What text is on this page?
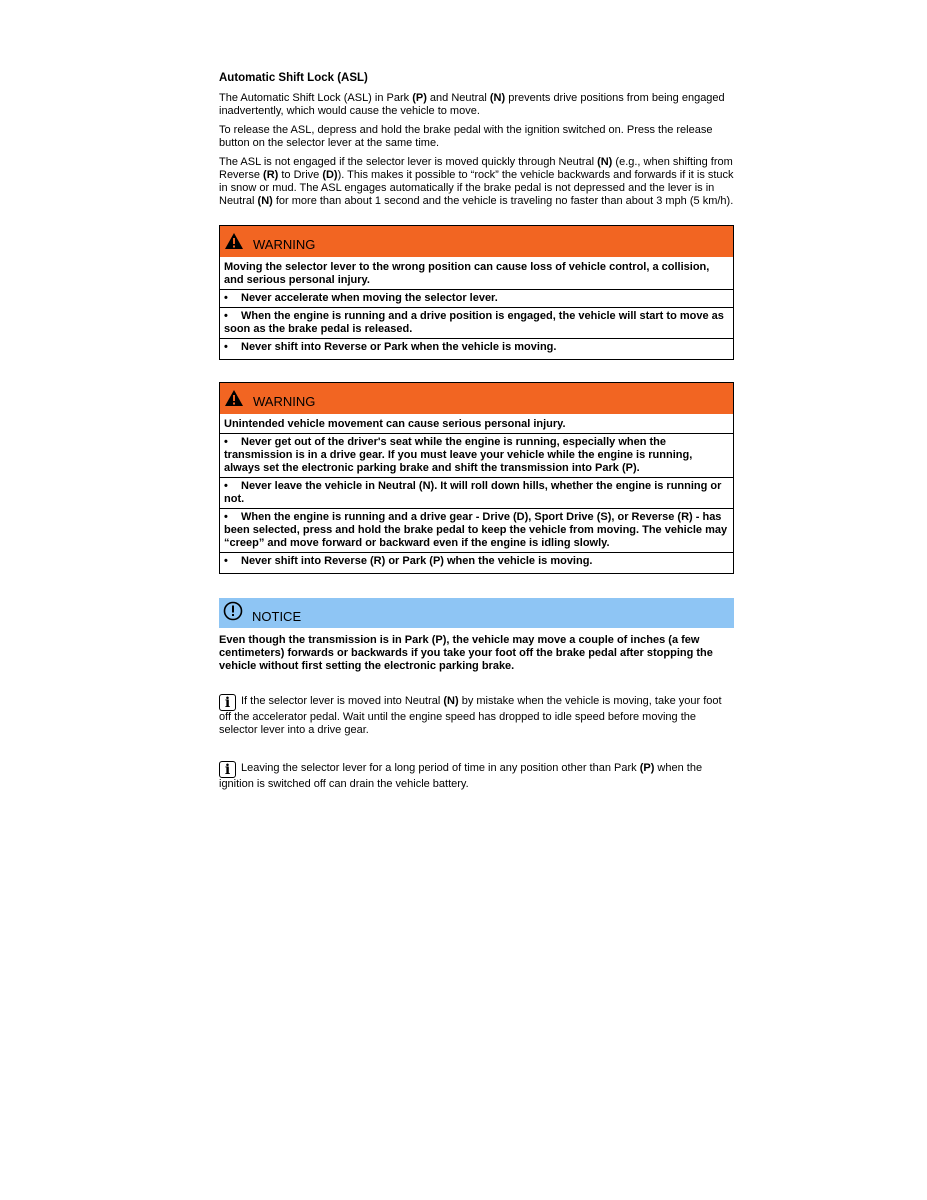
Automatic Shift Lock (ASL)

The Automatic Shift Lock (ASL) in Park (P) and Neutral (N) prevents drive positions from being engaged inadvertently, which would cause the vehicle to move.

To release the ASL, depress and hold the brake pedal with the ignition switched on. Press the release button on the selector lever at the same time.

The ASL is not engaged if the selector lever is moved quickly through Neutral (N) (e.g., when shifting from Reverse (R) to Drive (D)). This makes it possible to “rock” the vehicle backwards and forwards if it is stuck in snow or mud. The ASL engages automatically if the brake pedal is not depressed and the lever is in Neutral (N) for more than about 1 second and the vehicle is traveling no faster than about 3 mph (5 km/h).

WARNING
Moving the selector lever to the wrong position can cause loss of vehicle control, a collision, and serious personal injury.
• Never accelerate when moving the selector lever.
• When the engine is running and a drive position is engaged, the vehicle will start to move as soon as the brake pedal is released.
• Never shift into Reverse or Park when the vehicle is moving.
WARNING
Unintended vehicle movement can cause serious personal injury.
• Never get out of the driver's seat while the engine is running, especially when the transmission is in a drive gear. If you must leave your vehicle while the engine is running, always set the electronic parking brake and shift the transmission into Park (P).
• Never leave the vehicle in Neutral (N). It will roll down hills, whether the engine is running or not.
• When the engine is running and a drive gear - Drive (D), Sport Drive (S), or Reverse (R) - has been selected, press and hold the brake pedal to keep the vehicle from moving. The vehicle may “creep” and move forward or backward even if the engine is idling slowly.
• Never shift into Reverse (R) or Park (P) when the vehicle is moving.
NOTICE
Even though the transmission is in Park (P), the vehicle may move a couple of inches (a few centimeters) forwards or backwards if you take your foot off the brake pedal after stopping the vehicle without first setting the electronic parking brake.

i If the selector lever is moved into Neutral (N) by mistake when the vehicle is moving, take your foot off the accelerator pedal. Wait until the engine speed has dropped to idle speed before moving the selector lever into a drive gear.

i Leaving the selector lever for a long period of time in any position other than Park (P) when the ignition is switched off can drain the vehicle battery.
